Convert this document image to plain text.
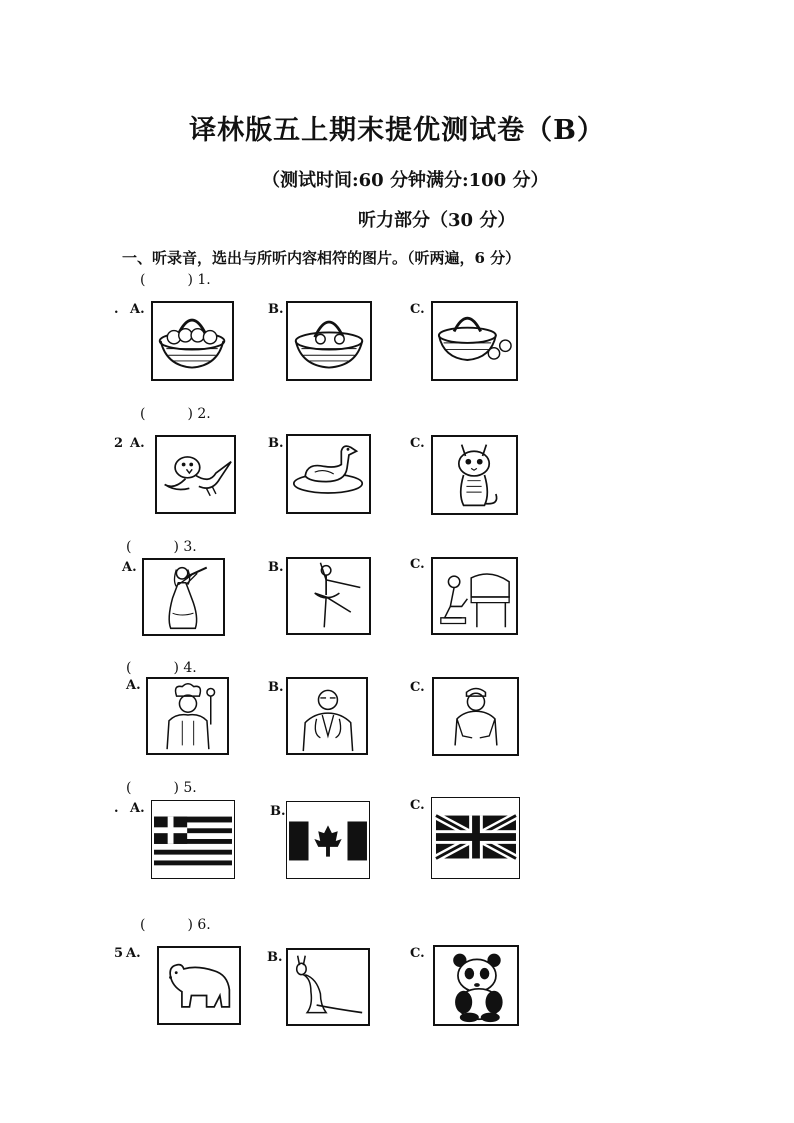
译林版五上期末提优测试卷（B）
（测试时间:60 分钟满分:100 分）
听力部分（30 分）
一、听录音，选出与所听内容相符的图片。（听两遍，6 分）
(　　　) 1.
(　　　) 2.
(　　　) 3.
(　　　) 4.
(　　　) 5.
(　　　) 6.
.
2
.
5
A.	B.	C.
A.	B.	C.
A.	B.	C.
A.	B.	C.
A.	B.	C.
A.	B.	C.
